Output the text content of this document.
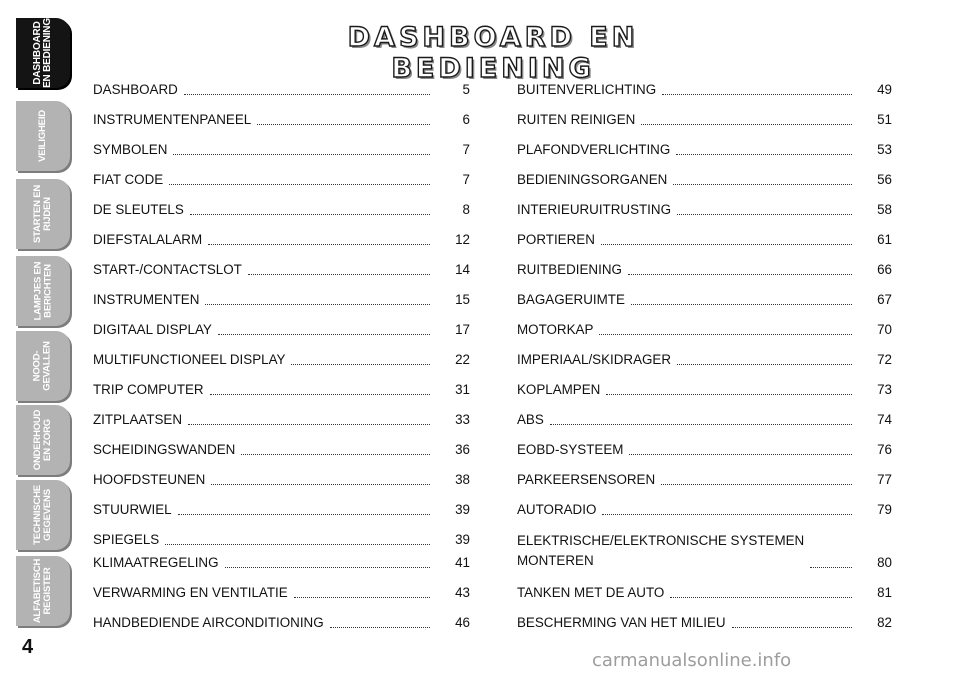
DASHBOARD
EN BEDIENING
VEILIGHEID
STARTEN EN
RIJDEN
LAMPJES EN
BERICHTEN
NOOD-
GEVALLEN
ONDERHOUD
EN ZORG
TECHNISCHE
GEGEVENS
ALFABETISCH
REGISTER
DASHBOARD EN BEDIENING
DASHBOARD	5
INSTRUMENTENPANEEL	6
SYMBOLEN	7
FIAT CODE	7
DE SLEUTELS	8
DIEFSTALALARM	12
START-/CONTACTSLOT	14
INSTRUMENTEN	15
DIGITAAL DISPLAY	17
MULTIFUNCTIONEEL DISPLAY	22
TRIP COMPUTER	31
ZITPLAATSEN	33
SCHEIDINGSWANDEN	36
HOOFDSTEUNEN	38
STUURWIEL	39
SPIEGELS	39
KLIMAATREGELING	41
VERWARMING EN VENTILATIE	43
HANDBEDIENDE AIRCONDITIONING	46
BUITENVERLICHTING	49
RUITEN REINIGEN	51
PLAFONDVERLICHTING	53
BEDIENINGSORGANEN	56
INTERIEURUITRUSTING	58
PORTIEREN	61
RUITBEDIENING	66
BAGAGERUIMTE	67
MOTORKAP	70
IMPERIAAL/SKIDRAGER	72
KOPLAMPEN	73
ABS	74
EOBD-SYSTEEM	76
PARKEERSENSOREN	77
AUTORADIO	79
ELEKTRISCHE/ELEKTRONISCHE SYSTEMEN
MONTEREN	80
TANKEN MET DE AUTO	81
BESCHERMING VAN HET MILIEU	82
4
carmanualsonline.info
